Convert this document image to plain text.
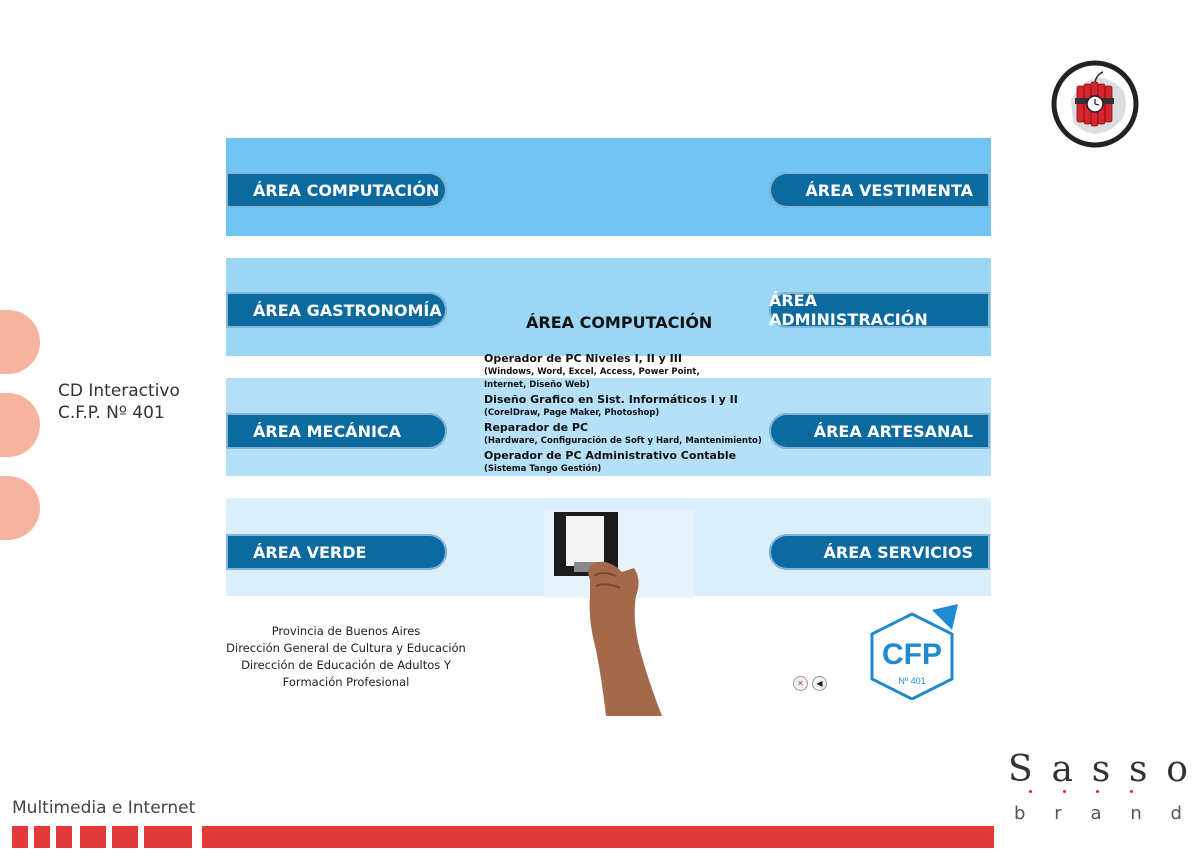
CD Interactivo
C.F.P. Nº 401
ÁREA COMPUTACIÓN	ÁREA VESTIMENTA
ÁREA GASTRONOMÍA	ÁREA ADMINISTRACIÓN
ÁREA MECÁNICA	ÁREA ARTESANAL
ÁREA VERDE	ÁREA SERVICIOS
ÁREA COMPUTACIÓN
Operador de PC Niveles I, II y III
(Windows, Word, Excel, Access, Power Point,
Internet, Diseño Web)
Diseño Grafico en Sist. Informáticos I y II
(CorelDraw, Page Maker, Photoshop)
Reparador de PC
(Hardware, Configuración de Soft y Hard, Mantenimiento)
Operador de PC Administrativo Contable
(Sistema Tango Gestión)
Provincia de Buenos Aires
Dirección General de Cultura y Educación
Dirección de Educación de Adultos Y
Formación Profesional	✕ ◀
CFP
Nº 401
Multimedia e Internet
S a s s o
b r a n d
